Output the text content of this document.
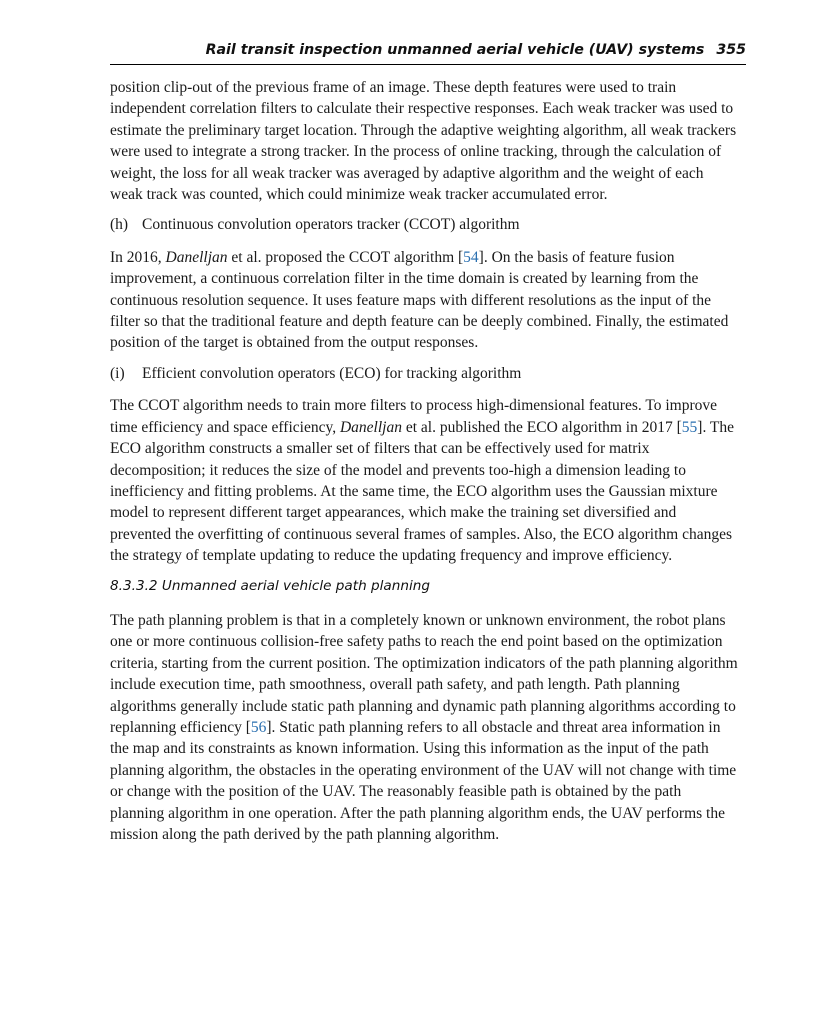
Rail transit inspection unmanned aerial vehicle (UAV) systems 355

position clip-out of the previous frame of an image. These depth features were used to train independent correlation filters to calculate their respective responses. Each weak tracker was used to estimate the preliminary target location. Through the adaptive weighting algorithm, all weak trackers were used to integrate a strong tracker. In the process of online tracking, through the calculation of weight, the loss for all weak tracker was averaged by adaptive algorithm and the weight of each weak track was counted, which could minimize weak tracker accumulated error.

(h) Continuous convolution operators tracker (CCOT) algorithm

In 2016, Danelljan et al. proposed the CCOT algorithm [54]. On the basis of feature fusion improvement, a continuous correlation filter in the time domain is created by learning from the continuous resolution sequence. It uses feature maps with different resolutions as the input of the filter so that the traditional feature and depth feature can be deeply combined. Finally, the estimated position of the target is obtained from the output responses.

(i) Efficient convolution operators (ECO) for tracking algorithm

The CCOT algorithm needs to train more filters to process high-dimensional features. To improve time efficiency and space efficiency, Danelljan et al. published the ECO algorithm in 2017 [55]. The ECO algorithm constructs a smaller set of filters that can be effectively used for matrix decomposition; it reduces the size of the model and prevents too-high a dimension leading to inefficiency and fitting problems. At the same time, the ECO algorithm uses the Gaussian mixture model to represent different target appearances, which make the training set diversified and prevented the overfitting of continuous several frames of samples. Also, the ECO algorithm changes the strategy of template updating to reduce the updating frequency and improve efficiency.

8.3.3.2 Unmanned aerial vehicle path planning

The path planning problem is that in a completely known or unknown environment, the robot plans one or more continuous collision-free safety paths to reach the end point based on the optimization criteria, starting from the current position. The optimization indicators of the path planning algorithm include execution time, path smoothness, overall path safety, and path length. Path planning algorithms generally include static path planning and dynamic path planning algorithms according to replanning efficiency [56]. Static path planning refers to all obstacle and threat area information in the map and its constraints as known information. Using this information as the input of the path planning algorithm, the obstacles in the operating environment of the UAV will not change with time or change with the position of the UAV. The reasonably feasible path is obtained by the path planning algorithm in one operation. After the path planning algorithm ends, the UAV performs the mission along the path derived by the path planning algorithm.
